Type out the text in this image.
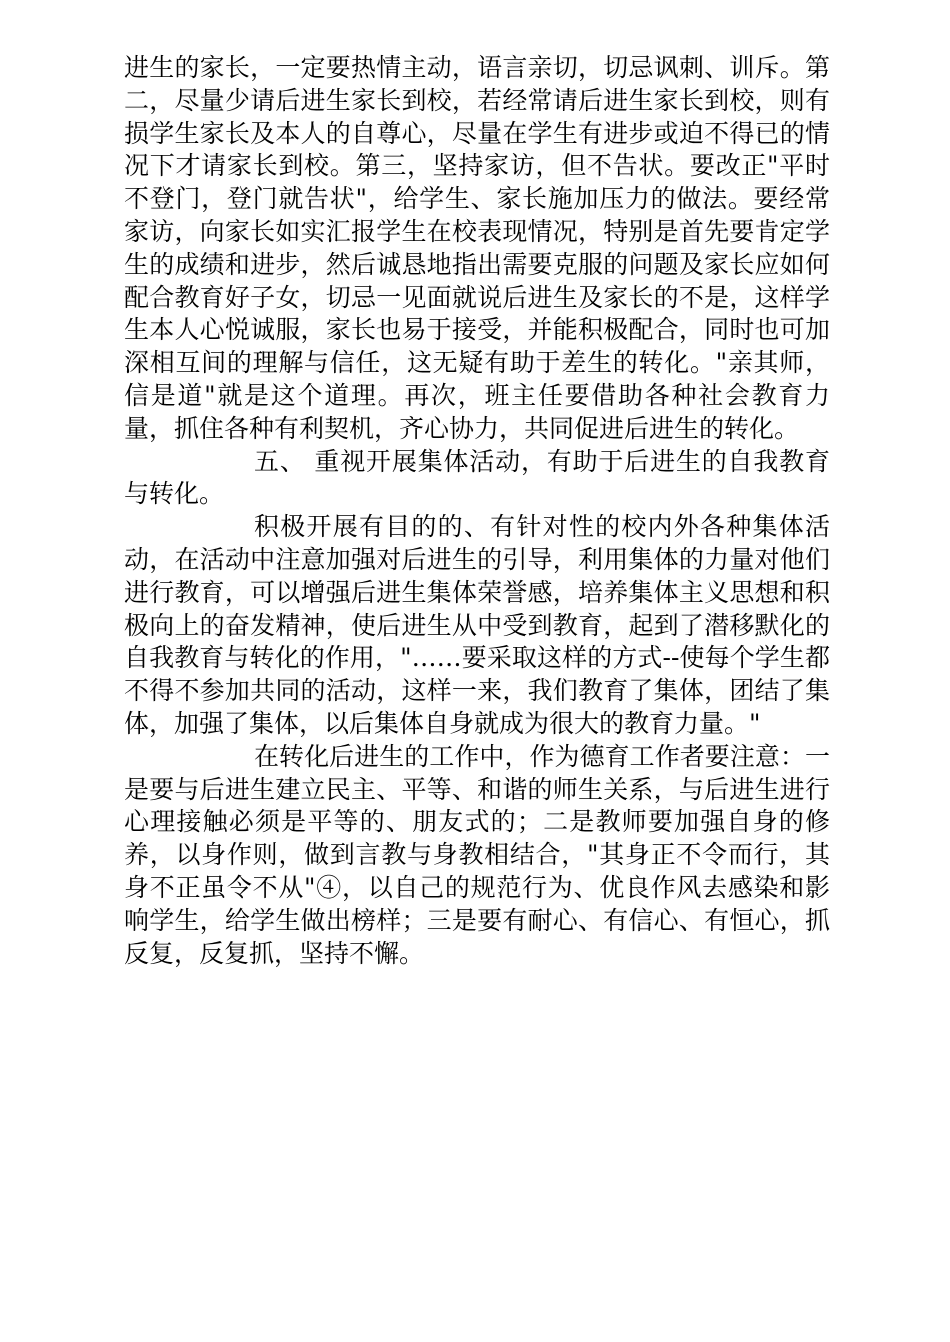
进生的家长，一定要热情主动，语言亲切，切忌讽刺、训斥。第二，尽量少请后进生家长到校，若经常请后进生家长到校，则有损学生家长及本人的自尊心，尽量在学生有进步或迫不得已的情况下才请家长到校。第三，坚持家访，但不告状。要改正"平时不登门，登门就告状"，给学生、家长施加压力的做法。要经常家访，向家长如实汇报学生在校表现情况，特别是首先要肯定学生的成绩和进步，然后诚恳地指出需要克服的问题及家长应如何配合教育好子女，切忌一见面就说后进生及家长的不是，这样学生本人心悦诚服，家长也易于接受，并能积极配合，同时也可加深相互间的理解与信任，这无疑有助于差生的转化。"亲其师，信是道"就是这个道理。再次，班主任要借助各种社会教育力量，抓住各种有利契机，齐心协力，共同促进后进生的转化。

五、 重视开展集体活动，有助于后进生的自我教育与转化。

积极开展有目的的、有针对性的校内外各种集体活动，在活动中注意加强对后进生的引导，利用集体的力量对他们进行教育，可以增强后进生集体荣誉感，培养集体主义思想和积极向上的奋发精神，使后进生从中受到教育，起到了潜移默化的自我教育与转化的作用，"……要采取这样的方式--使每个学生都不得不参加共同的活动，这样一来，我们教育了集体，团结了集体，加强了集体，以后集体自身就成为很大的教育力量。"

在转化后进生的工作中，作为德育工作者要注意：一是要与后进生建立民主、平等、和谐的师生关系，与后进生进行心理接触必须是平等的、朋友式的；二是教师要加强自身的修养，以身作则，做到言教与身教相结合，"其身正不令而行，其身不正虽令不从"④，以自己的规范行为、优良作风去感染和影响学生，给学生做出榜样；三是要有耐心、有信心、有恒心，抓反复，反复抓，坚持不懈。
